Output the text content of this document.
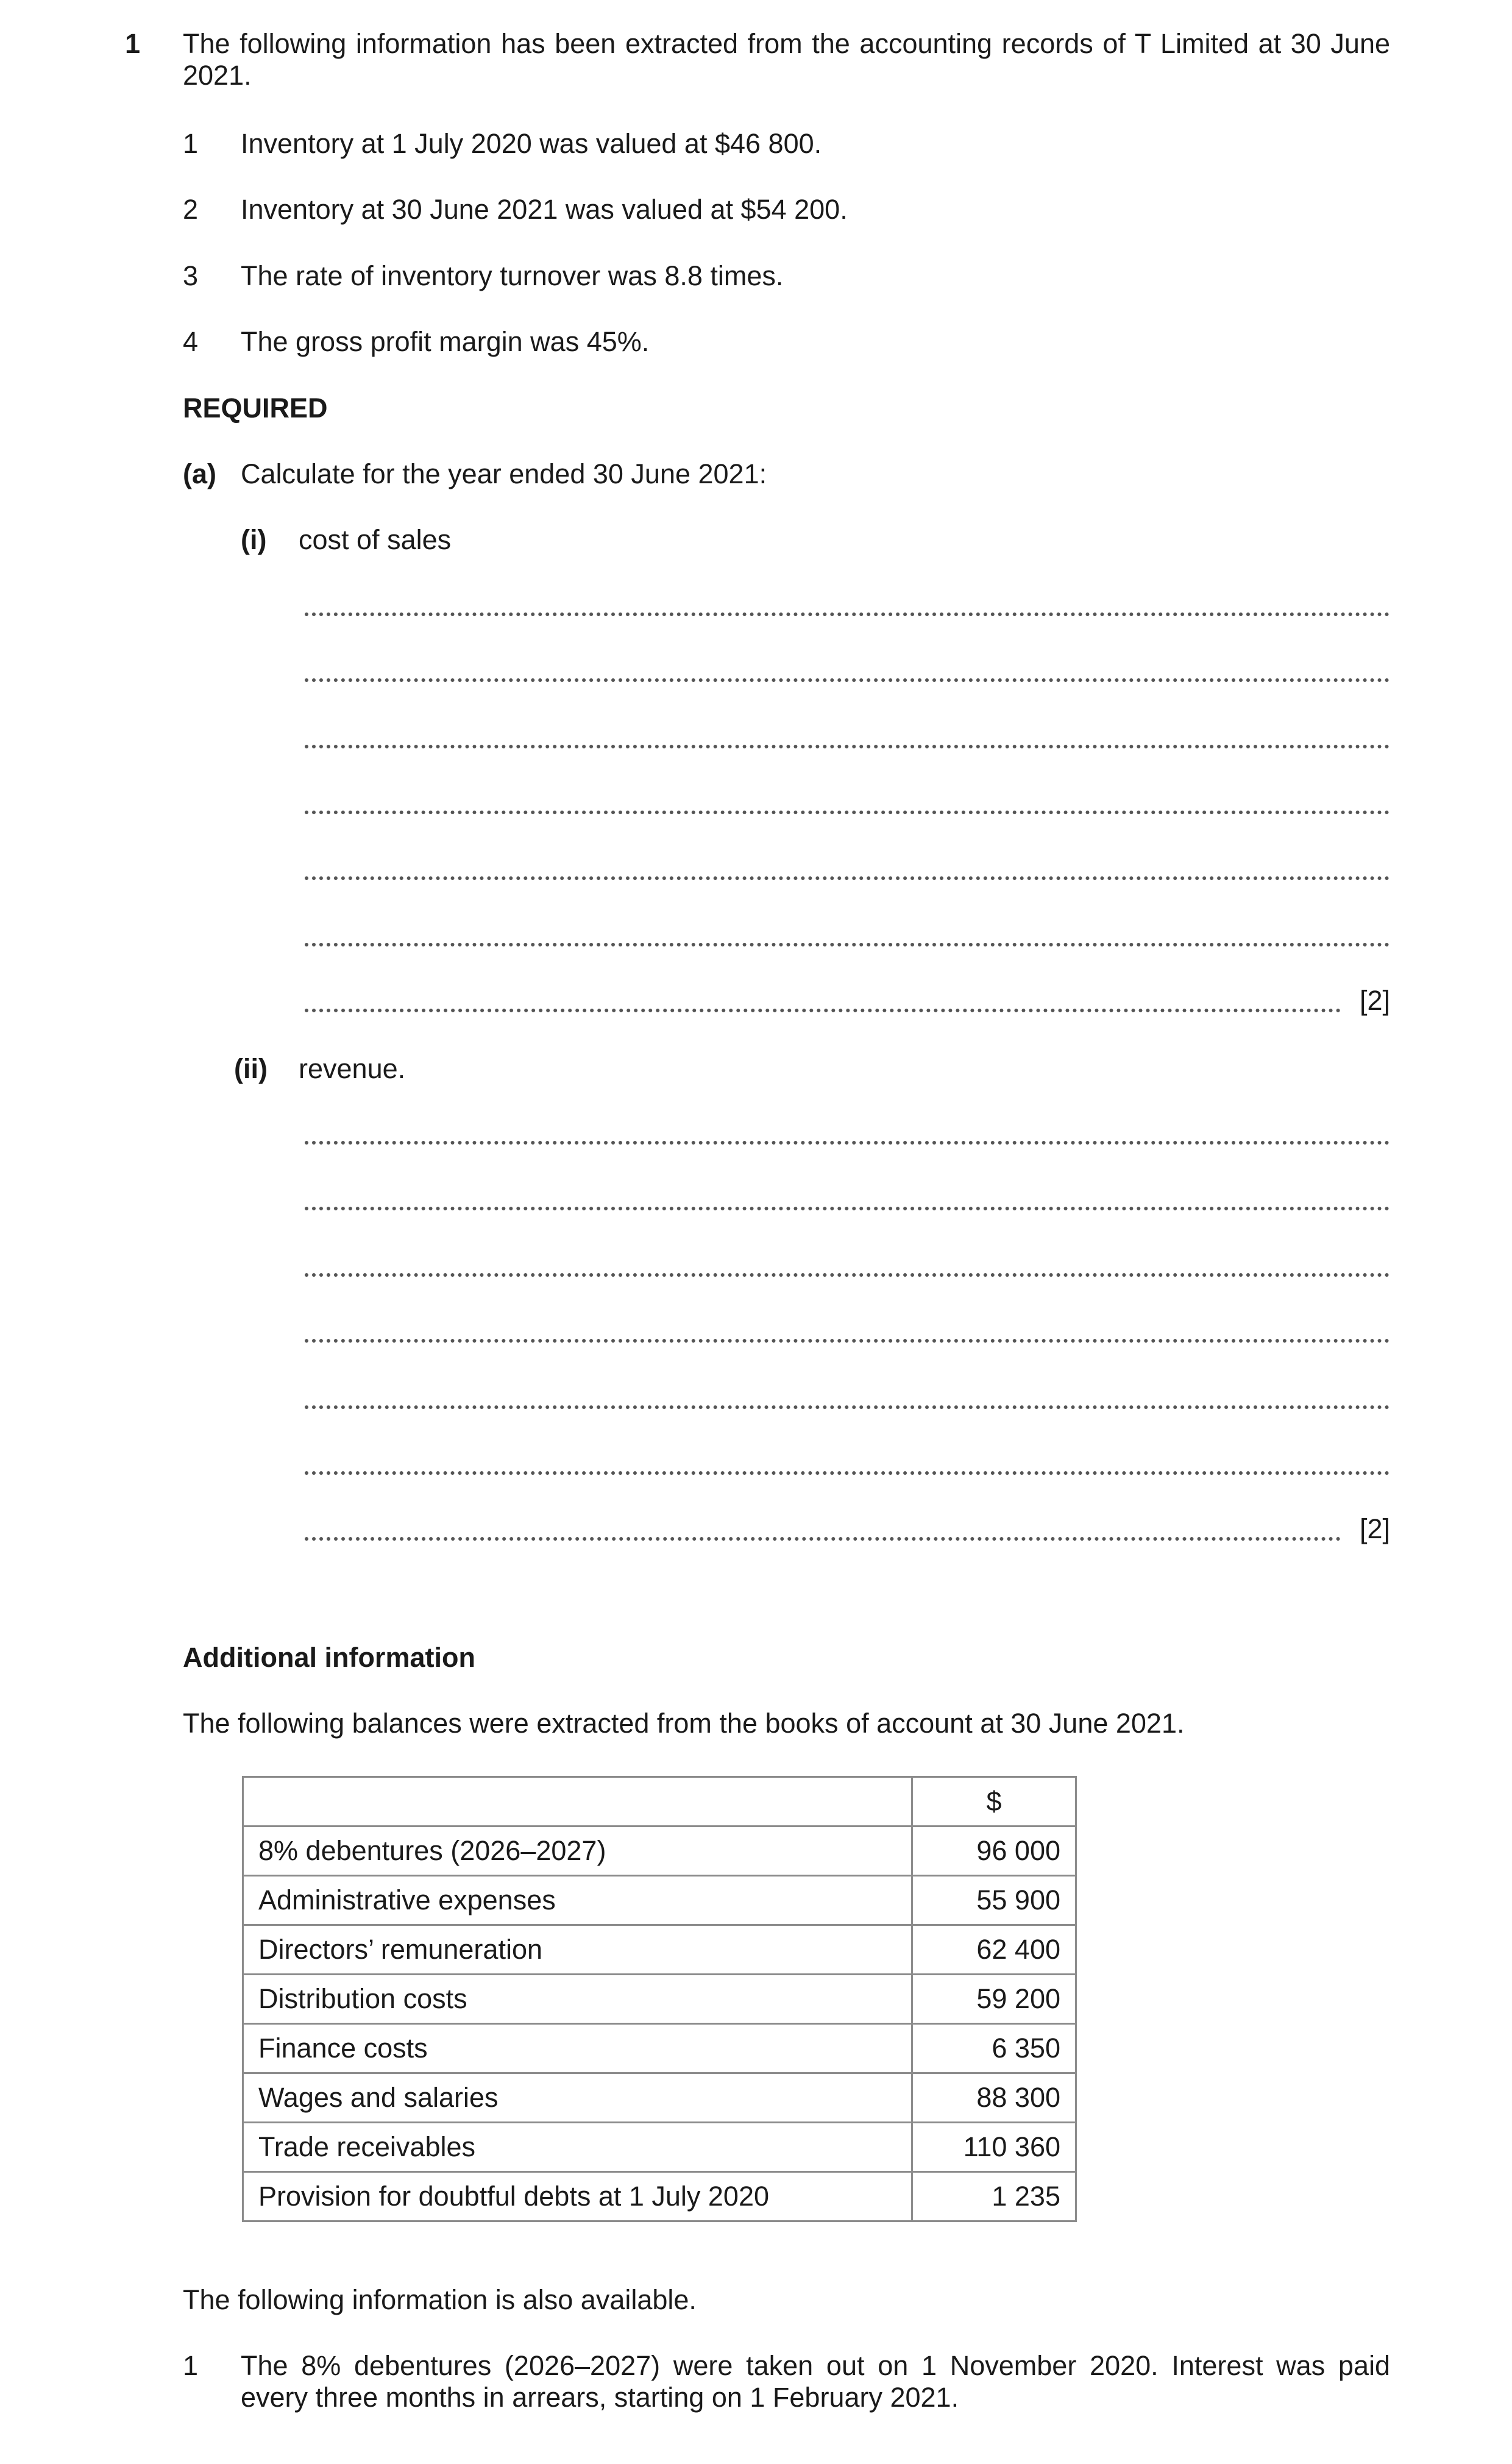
1 The following information has been extracted from the accounting records of T Limited at 30 June 2021.
1 Inventory at 1 July 2020 was valued at $46 800.
2 Inventory at 30 June 2021 was valued at $54 200.
3 The rate of inventory turnover was 8.8 times.
4 The gross profit margin was 45%.
REQUIRED
(a) Calculate for the year ended 30 June 2021:
(i) cost of sales
[2]
(ii) revenue.
[2]
Additional information
The following balances were extracted from the books of account at 30 June 2021.
	$
8% debentures (2026–2027)	96 000
Administrative expenses	55 900
Directors’ remuneration	62 400
Distribution costs	59 200
Finance costs	6 350
Wages and salaries	88 300
Trade receivables	110 360
Provision for doubtful debts at 1 July 2020	1 235
The following information is also available.
1 The 8% debentures (2026–2027) were taken out on 1 November 2020. Interest was paid every three months in arrears, starting on 1 February 2021.
